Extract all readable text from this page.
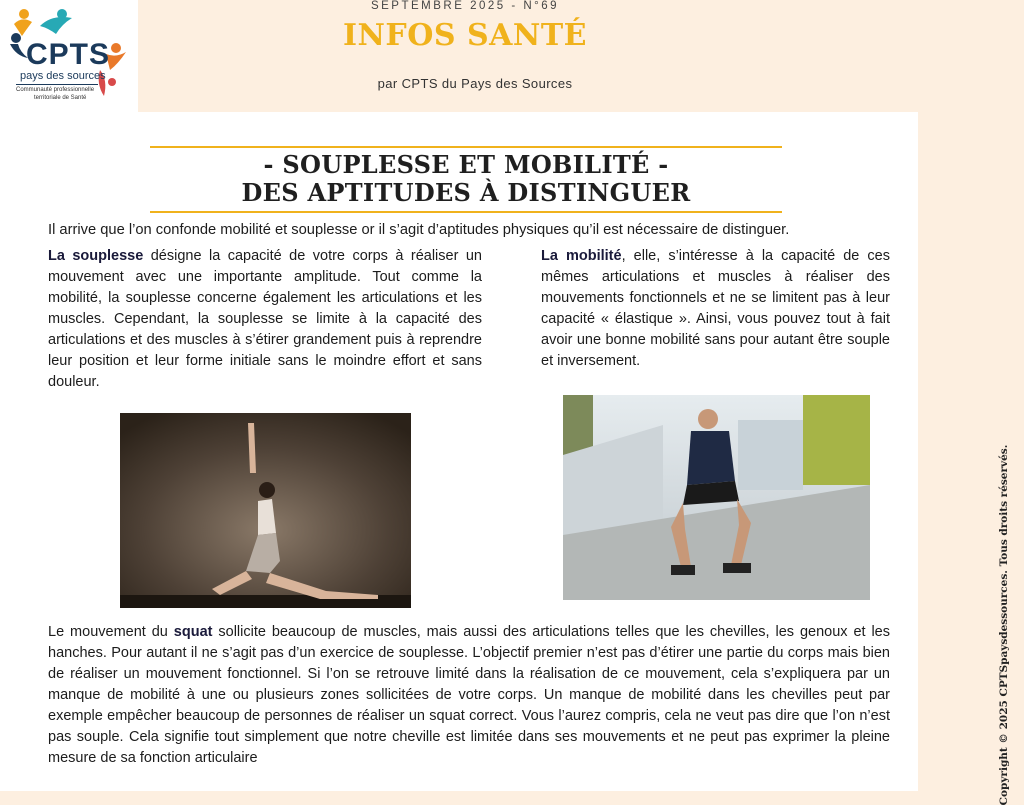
CPTS
pays des sources
Communauté professionnelle
territoriale de Santé
SEPTEMBRE 2025 - N°69
INFOS SANTÉ
par CPTS du Pays des Sources
- SOUPLESSE ET MOBILITÉ -
DES APTITUDES À DISTINGUER
Il arrive que l’on confonde mobilité et souplesse or il s’agit d’aptitudes physiques qu’il est nécessaire de distinguer.
La souplesse désigne la capacité de votre corps à réaliser un mouvement avec une importante amplitude. Tout comme la mobilité, la souplesse concerne également les articulations et les muscles. Cependant, la souplesse se limite à la capacité des articulations et des muscles à s’étirer grandement puis à reprendre leur position et leur forme initiale sans le moindre effort et sans douleur.
La mobilité, elle, s’intéresse à la capacité de ces mêmes articulations et muscles à réaliser des mouvements fonctionnels et ne se limitent pas à leur capacité « élastique ». Ainsi, vous pouvez tout à fait avoir une bonne mobilité sans pour autant être souple et inversement.
Le mouvement du squat sollicite beaucoup de muscles, mais aussi des articulations telles que les chevilles, les genoux et les hanches. Pour autant il ne s’agit pas d’un exercice de souplesse. L’objectif premier n’est pas d’étirer une partie du corps mais bien de réaliser un mouvement fonctionnel. Si l’on se retrouve limité dans la réalisation de ce mouvement, cela s’expliquera par un manque de mobilité à une ou plusieurs zones sollicitées de votre corps. Un manque de mobilité dans les chevilles peut par exemple empêcher beaucoup de personnes de réaliser un squat correct. Vous l’aurez compris, cela ne veut pas dire que l’on n’est pas souple. Cela signifie tout simplement que notre cheville est limitée dans ses mouvements et ne peut pas exprimer la pleine mesure de sa fonction articulaire	Copyright © 2025 CPTSpaysdessources. Tous droits réservés.
